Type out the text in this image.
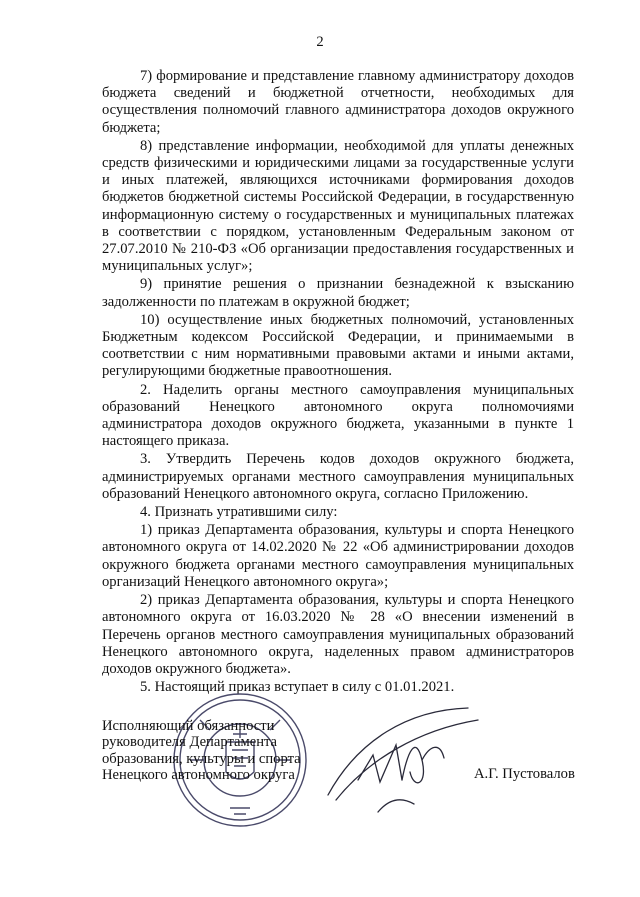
2

7) формирование и представление главному администратору доходов бюджета сведений и бюджетной отчетности, необходимых для осуществления полномочий главного администратора доходов окружного бюджета;

8) представление информации, необходимой для уплаты денежных средств физическими и юридическими лицами за государственные услуги и иных платежей, являющихся источниками формирования доходов бюджетов бюджетной системы Российской Федерации, в государственную информационную систему о государственных и муниципальных платежах в соответствии с порядком, установленным Федеральным законом от 27.07.2010 № 210-ФЗ «Об организации предоставления государственных и муниципальных услуг»;

9) принятие решения о признании безнадежной к взысканию задолженности по платежам в окружной бюджет;

10) осуществление иных бюджетных полномочий, установленных Бюджетным кодексом Российской Федерации, и принимаемыми в соответствии с ним нормативными правовыми актами и иными актами, регулирующими бюджетные правоотношения.

2. Наделить органы местного самоуправления муниципальных образований Ненецкого автономного округа полномочиями администратора доходов окружного бюджета, указанными в пункте 1 настоящего приказа.

3. Утвердить Перечень кодов доходов окружного бюджета, администрируемых органами местного самоуправления муниципальных образований Ненецкого автономного округа, согласно Приложению.

4. Признать утратившими силу:

1) приказ Департамента образования, культуры и спорта Ненецкого автономного округа от 14.02.2020 № 22 «Об администрировании доходов окружного бюджета органами местного самоуправления муниципальных организаций Ненецкого автономного округа»;

2) приказ Департамента образования, культуры и спорта Ненецкого автономного округа от 16.03.2020 № 28 «О внесении изменений в Перечень органов местного самоуправления муниципальных образований Ненецкого автономного округа, наделенных правом администраторов доходов окружного бюджета».

5. Настоящий приказ вступает в силу с 01.01.2021.

Исполняющий обязанности
руководителя Департамента
образования, культуры и спорта
Ненецкого автономного округа	А.Г. Пустовалов
